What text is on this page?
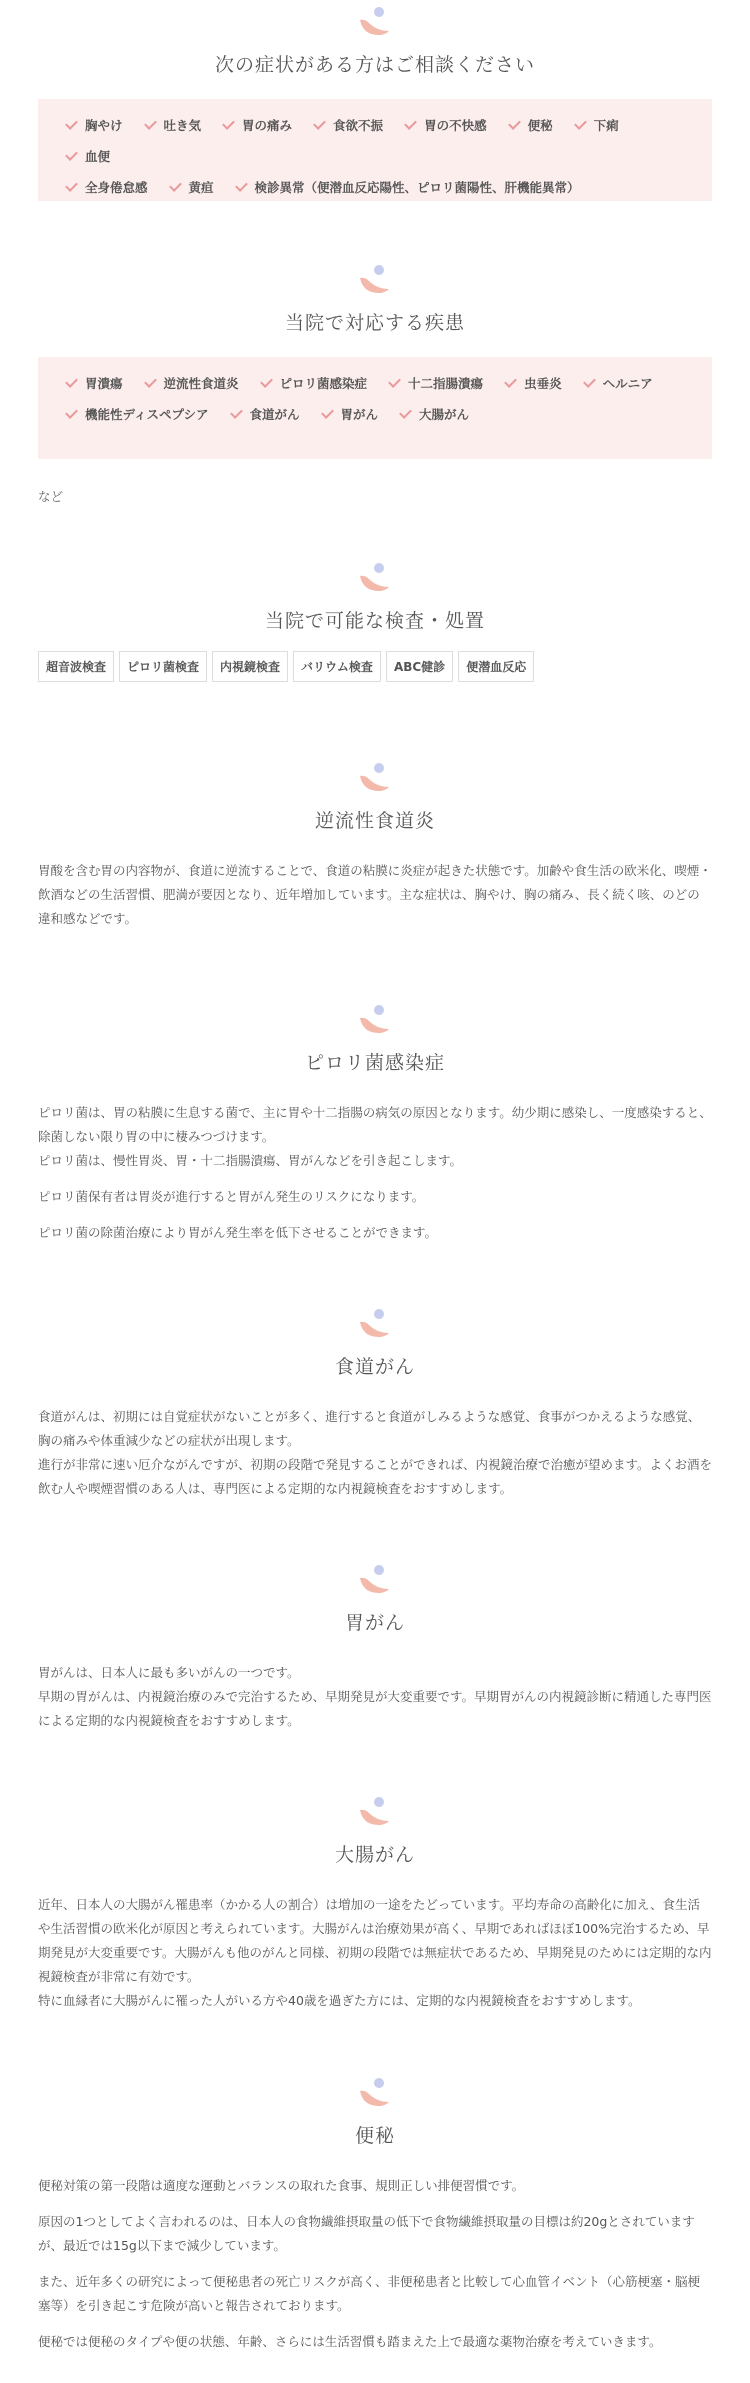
次の症状がある方はご相談ください
胸やけ	吐き気	胃の痛み	食欲不振	胃の不快感	便秘	下痢血便
全身倦怠感	黄疸	検診異常（便潜血反応陽性、ピロリ菌陽性、肝機能異常）
当院で対応する疾患
胃潰瘍	逆流性食道炎	ピロリ菌感染症	十二指腸潰瘍	虫垂炎	ヘルニア
機能性ディスペプシア	食道がん	胃がん	大腸がん

など

当院で可能な検査・処置
超音波検査 ピロリ菌検査 内視鏡検査 バリウム検査 ABC健診 便潜血反応
逆流性食道炎

胃酸を含む胃の内容物が、食道に逆流することで、食道の粘膜に炎症が起きた状態です。加齢や食生活の欧米化、喫煙・飲酒などの生活習慣、肥満が要因となり、近年増加しています。主な症状は、胸やけ、胸の痛み、長く続く咳、のどの違和感などです。

ピロリ菌感染症

ピロリ菌は、胃の粘膜に生息する菌で、主に胃や十二指腸の病気の原因となります。幼少期に感染し、一度感染すると、除菌しない限り胃の中に棲みつづけます。
ピロリ菌は、慢性胃炎、胃・十二指腸潰瘍、胃がんなどを引き起こします。

ピロリ菌保有者は胃炎が進行すると胃がん発生のリスクになります。

ピロリ菌の除菌治療により胃がん発生率を低下させることができます。

食道がん

食道がんは、初期には自覚症状がないことが多く、進行すると食道がしみるような感覚、食事がつかえるような感覚、胸の痛みや体重減少などの症状が出現します。
進行が非常に速い厄介ながんですが、初期の段階で発見することができれば、内視鏡治療で治癒が望めます。よくお酒を飲む人や喫煙習慣のある人は、専門医による定期的な内視鏡検査をおすすめします。

胃がん

胃がんは、日本人に最も多いがんの一つです。
早期の胃がんは、内視鏡治療のみで完治するため、早期発見が大変重要です。早期胃がんの内視鏡診断に精通した専門医による定期的な内視鏡検査をおすすめします。

大腸がん

近年、日本人の大腸がん罹患率（かかる人の割合）は増加の一途をたどっています。平均寿命の高齢化に加え、食生活や生活習慣の欧米化が原因と考えられています。大腸がんは治療効果が高く、早期であればほぼ100%完治するため、早期発見が大変重要です。大腸がんも他のがんと同様、初期の段階では無症状であるため、早期発見のためには定期的な内視鏡検査が非常に有効です。
特に血縁者に大腸がんに罹った人がいる方や40歳を過ぎた方には、定期的な内視鏡検査をおすすめします。

便秘

便秘対策の第一段階は適度な運動とバランスの取れた食事、規則正しい排便習慣です。

原因の1つとしてよく言われるのは、日本人の食物繊維摂取量の低下で食物繊維摂取量の目標は約20gとされていますが、最近では15g以下まで減少しています。

また、近年多くの研究によって便秘患者の死亡リスクが高く、非便秘患者と比較して心血管イベント（心筋梗塞・脳梗塞等）を引き起こす危険が高いと報告されております。

便秘では便秘のタイプや便の状態、年齢、さらには生活習慣も踏まえた上で最適な薬物治療を考えていきます。
